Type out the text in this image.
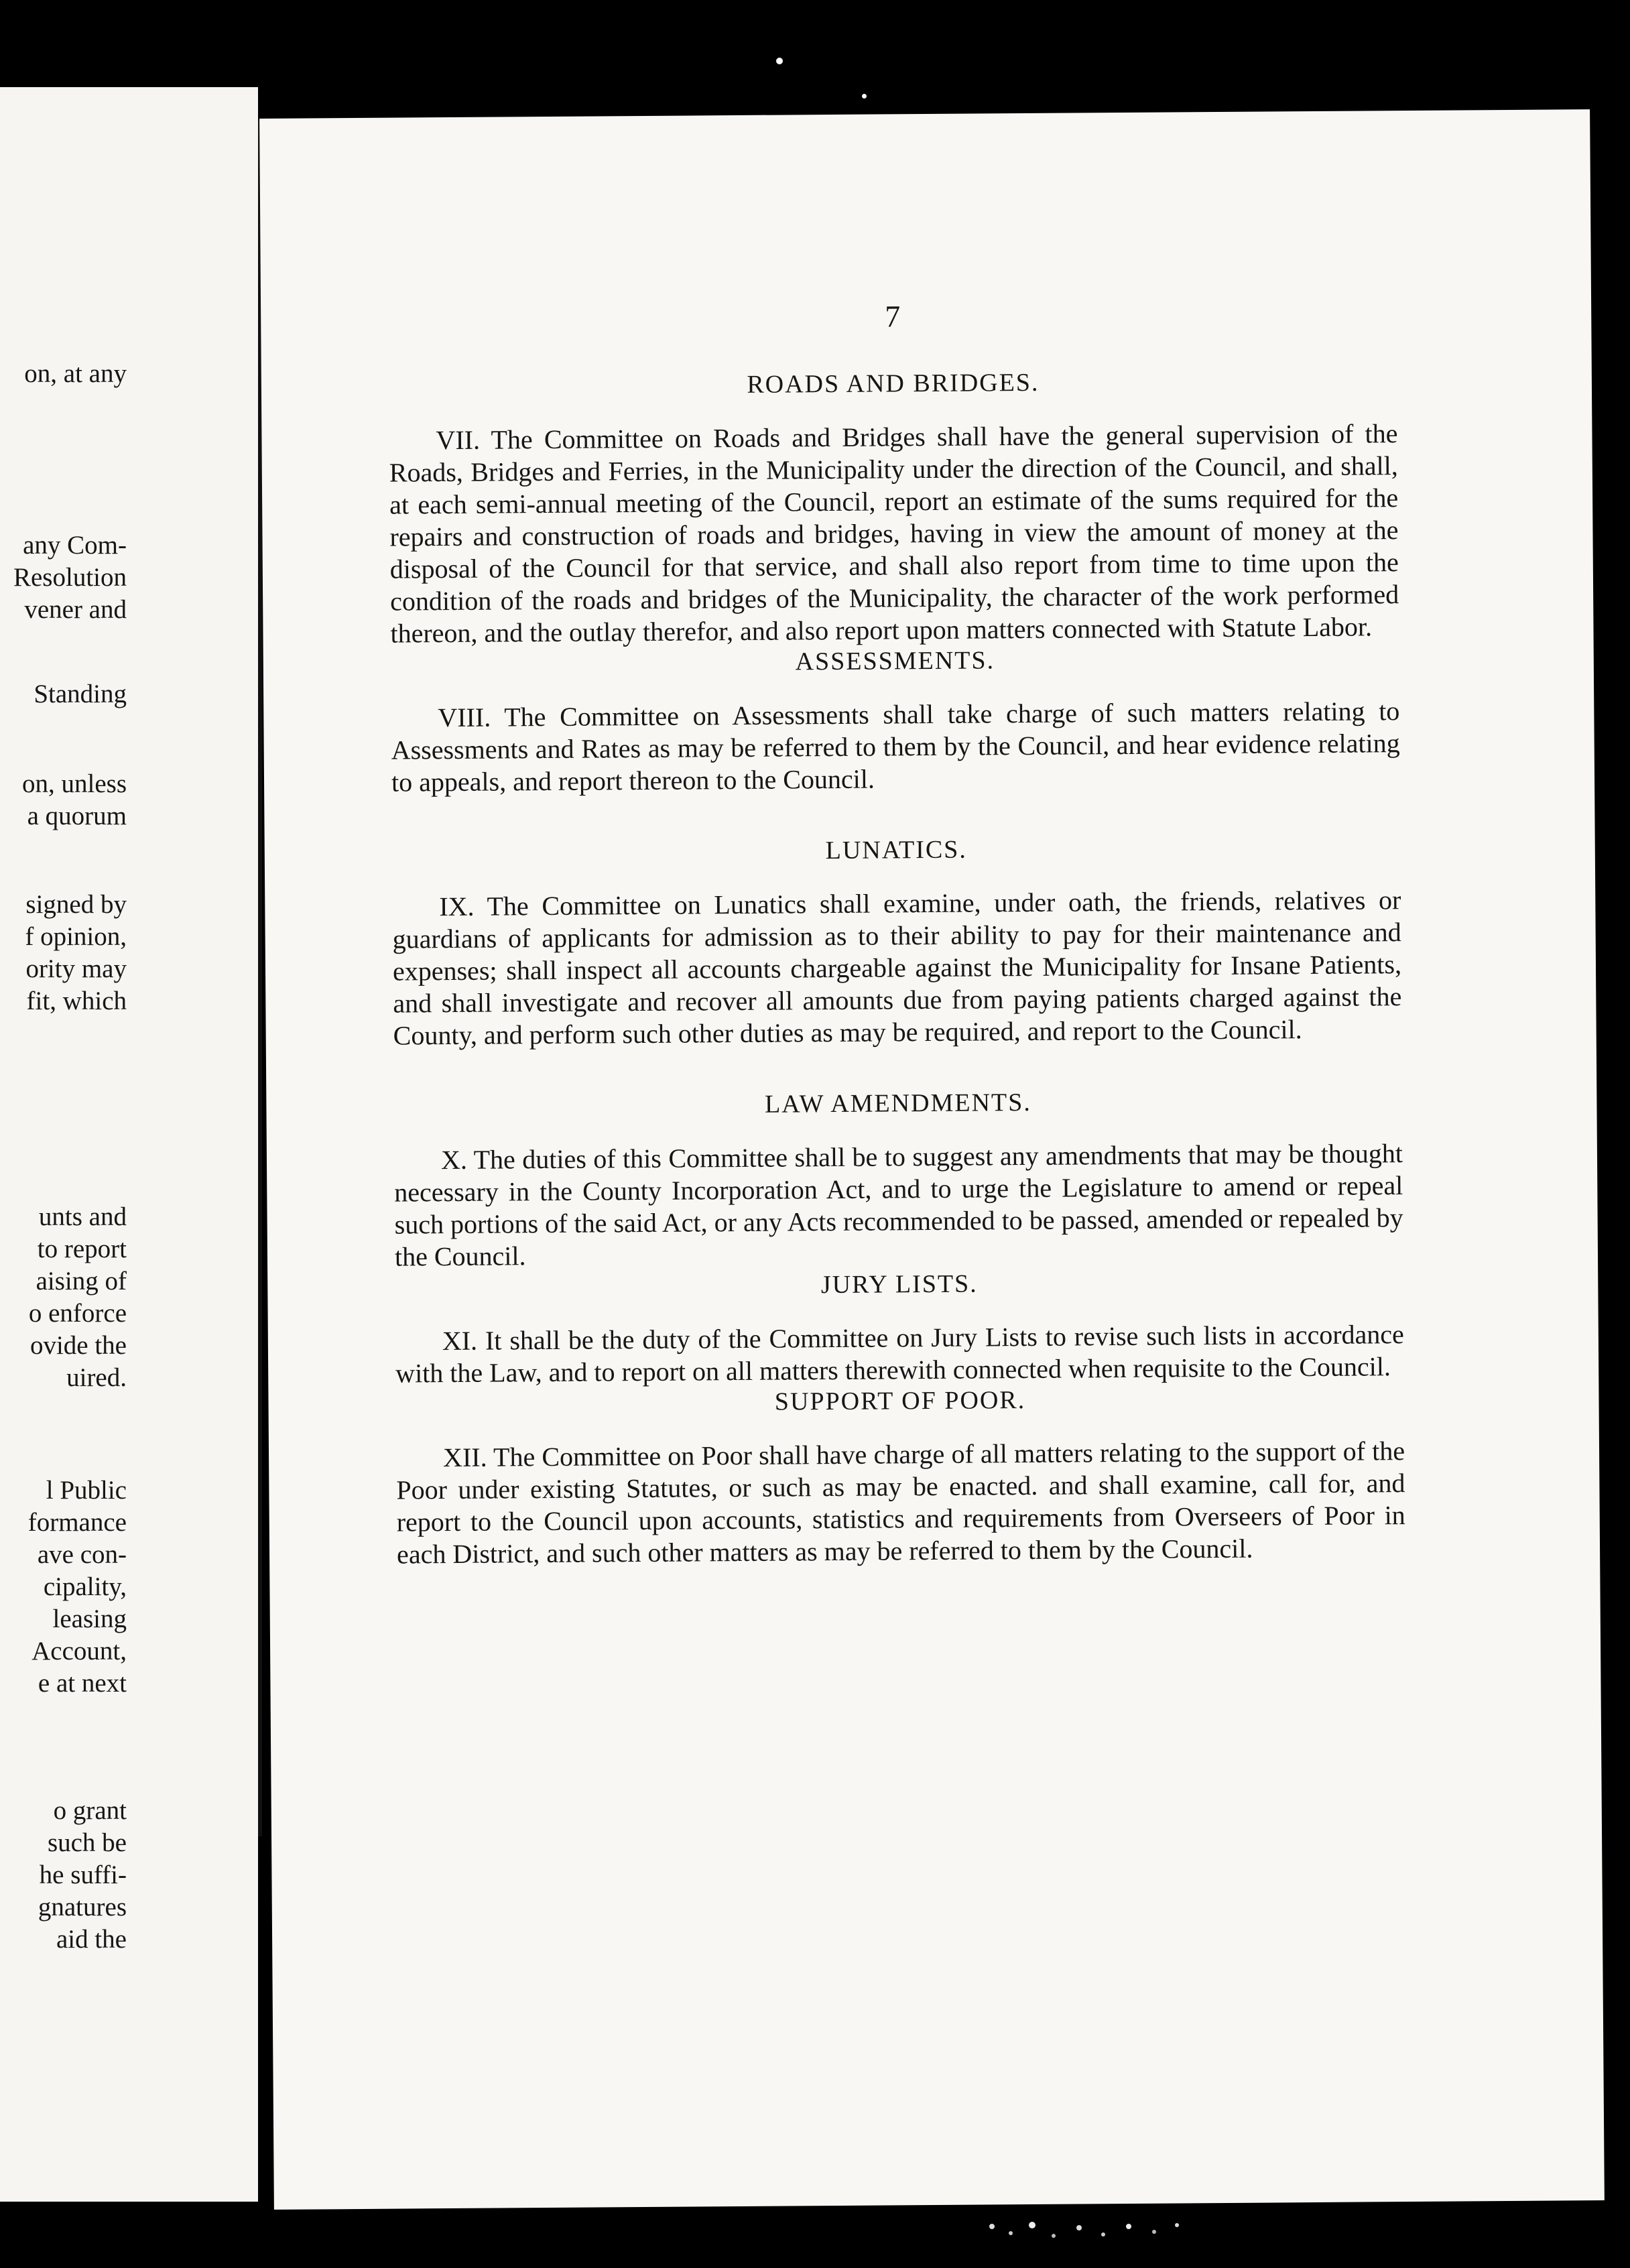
on, at any
any Com-
Resolution
vener and
Standing
on, unless
a quorum
signed by
f opinion,
ority may
fit, which
unts and
to report
aising of
o enforce
ovide the
uired.
l Public
formance
ave con-
cipality,
leasing
Account,
e at next
o grant
such be
he suffi-
gnatures
aid the
7
ROADS AND BRIDGES.

VII. The Committee on Roads and Bridges shall have the general supervision of the Roads, Bridges and Ferries, in the Municipality under the direction of the Council, and shall, at each semi-annual meeting of the Council, report an estimate of the sums required for the repairs and construction of roads and bridges, having in view the amount of money at the disposal of the Council for that service, and shall also report from time to time upon the condition of the roads and bridges of the Municipality, the character of the work performed thereon, and the outlay therefor, and also report upon matters connected with Statute Labor.

ASSESSMENTS.

VIII. The Committee on Assessments shall take charge of such matters relating to Assessments and Rates as may be referred to them by the Council, and hear evidence relating to appeals, and report thereon to the Council.

LUNATICS.

IX. The Committee on Lunatics shall examine, under oath, the friends, relatives or guardians of applicants for admission as to their ability to pay for their maintenance and expenses; shall inspect all accounts chargeable against the Municipality for Insane Patients, and shall investigate and recover all amounts due from paying patients charged against the County, and perform such other duties as may be required, and report to the Council.

LAW AMENDMENTS.

X. The duties of this Committee shall be to suggest any amendments that may be thought necessary in the County Incorporation Act, and to urge the Legislature to amend or repeal such portions of the said Act, or any Acts recommended to be passed, amended or repealed by the Council.

JURY LISTS.

XI. It shall be the duty of the Committee on Jury Lists to revise such lists in accordance with the Law, and to report on all matters therewith connected when requisite to the Council.

SUPPORT OF POOR.

XII. The Committee on Poor shall have charge of all matters relating to the support of the Poor under existing Statutes, or such as may be enacted. and shall examine, call for, and report to the Council upon accounts, statistics and requirements from Overseers of Poor in each District, and such other matters as may be referred to them by the Council.
